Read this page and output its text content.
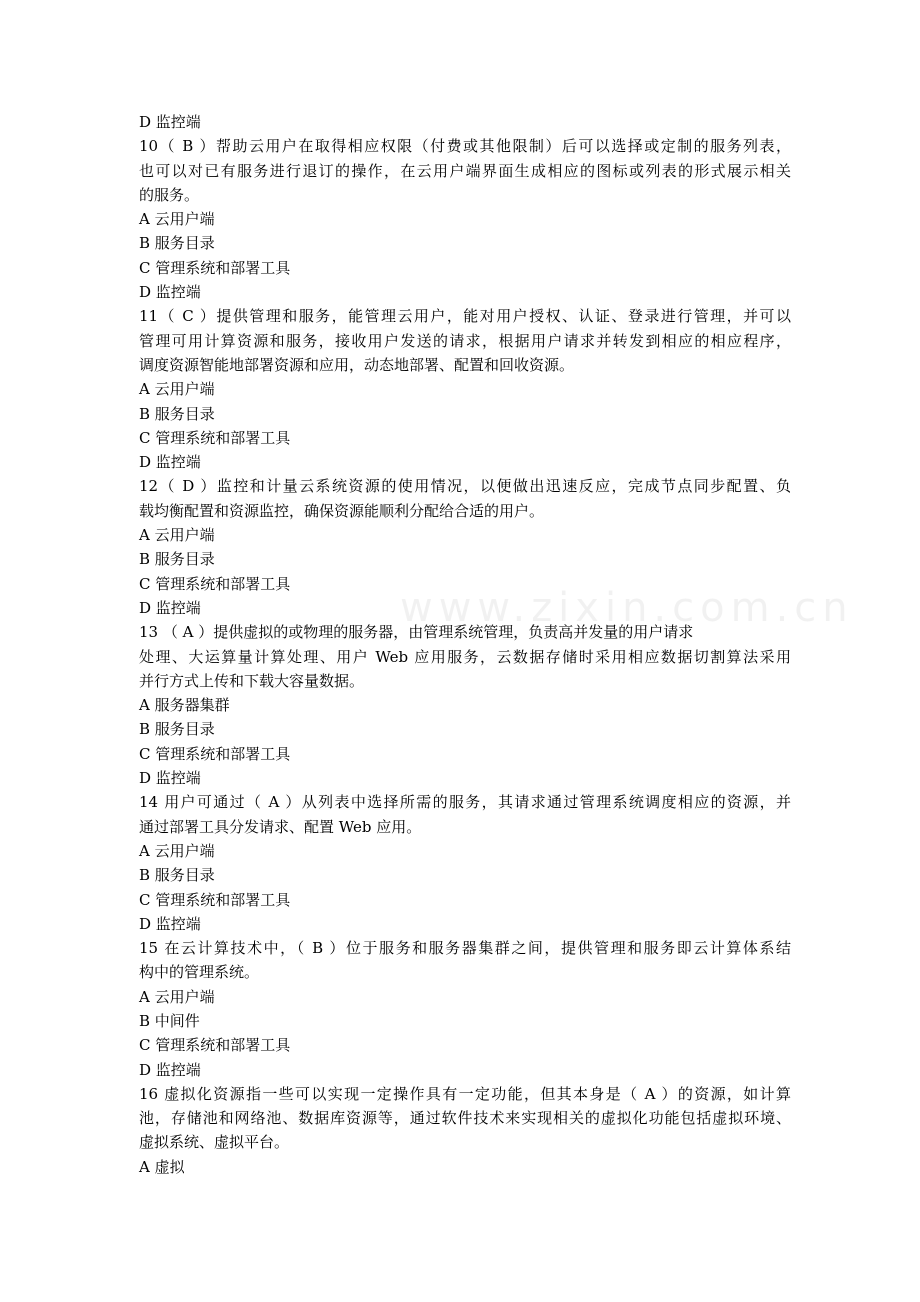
www.zixin.com.cn
D 监控端
10（ B ）帮助云用户在取得相应权限（付费或其他限制）后可以选择或定制的服务列表，
也可以对已有服务进行退订的操作，在云用户端界面生成相应的图标或列表的形式展示相关
的服务。
A 云用户端
B 服务目录
C 管理系统和部署工具
D 监控端
11（ C ）提供管理和服务，能管理云用户，能对用户授权、认证、登录进行管理，并可以
管理可用计算资源和服务，接收用户发送的请求，根据用户请求并转发到相应的相应程序，
调度资源智能地部署资源和应用，动态地部署、配置和回收资源。
A 云用户端
B 服务目录
C 管理系统和部署工具
D 监控端
12（ D ）监控和计量云系统资源的使用情况，以便做出迅速反应，完成节点同步配置、负
载均衡配置和资源监控，确保资源能顺利分配给合适的用户。
A 云用户端
B 服务目录
C 管理系统和部署工具
D 监控端
13 （ A ）提供虚拟的或物理的服务器，由管理系统管理，负责高并发量的用户请求
处理、大运算量计算处理、用户 Web 应用服务，云数据存储时采用相应数据切割算法采用
并行方式上传和下载大容量数据。
A 服务器集群
B 服务目录
C 管理系统和部署工具
D 监控端
14 用户可通过（ A ）从列表中选择所需的服务，其请求通过管理系统调度相应的资源，并
通过部署工具分发请求、配置 Web 应用。
A 云用户端
B 服务目录
C 管理系统和部署工具
D 监控端
15 在云计算技术中，（ B ）位于服务和服务器集群之间，提供管理和服务即云计算体系结
构中的管理系统。
A 云用户端
B 中间件
C 管理系统和部署工具
D 监控端
16 虚拟化资源指一些可以实现一定操作具有一定功能，但其本身是（ A ）的资源，如计算
池，存储池和网络池、数据库资源等，通过软件技术来实现相关的虚拟化功能包括虚拟环境、
虚拟系统、虚拟平台。
A 虚拟
